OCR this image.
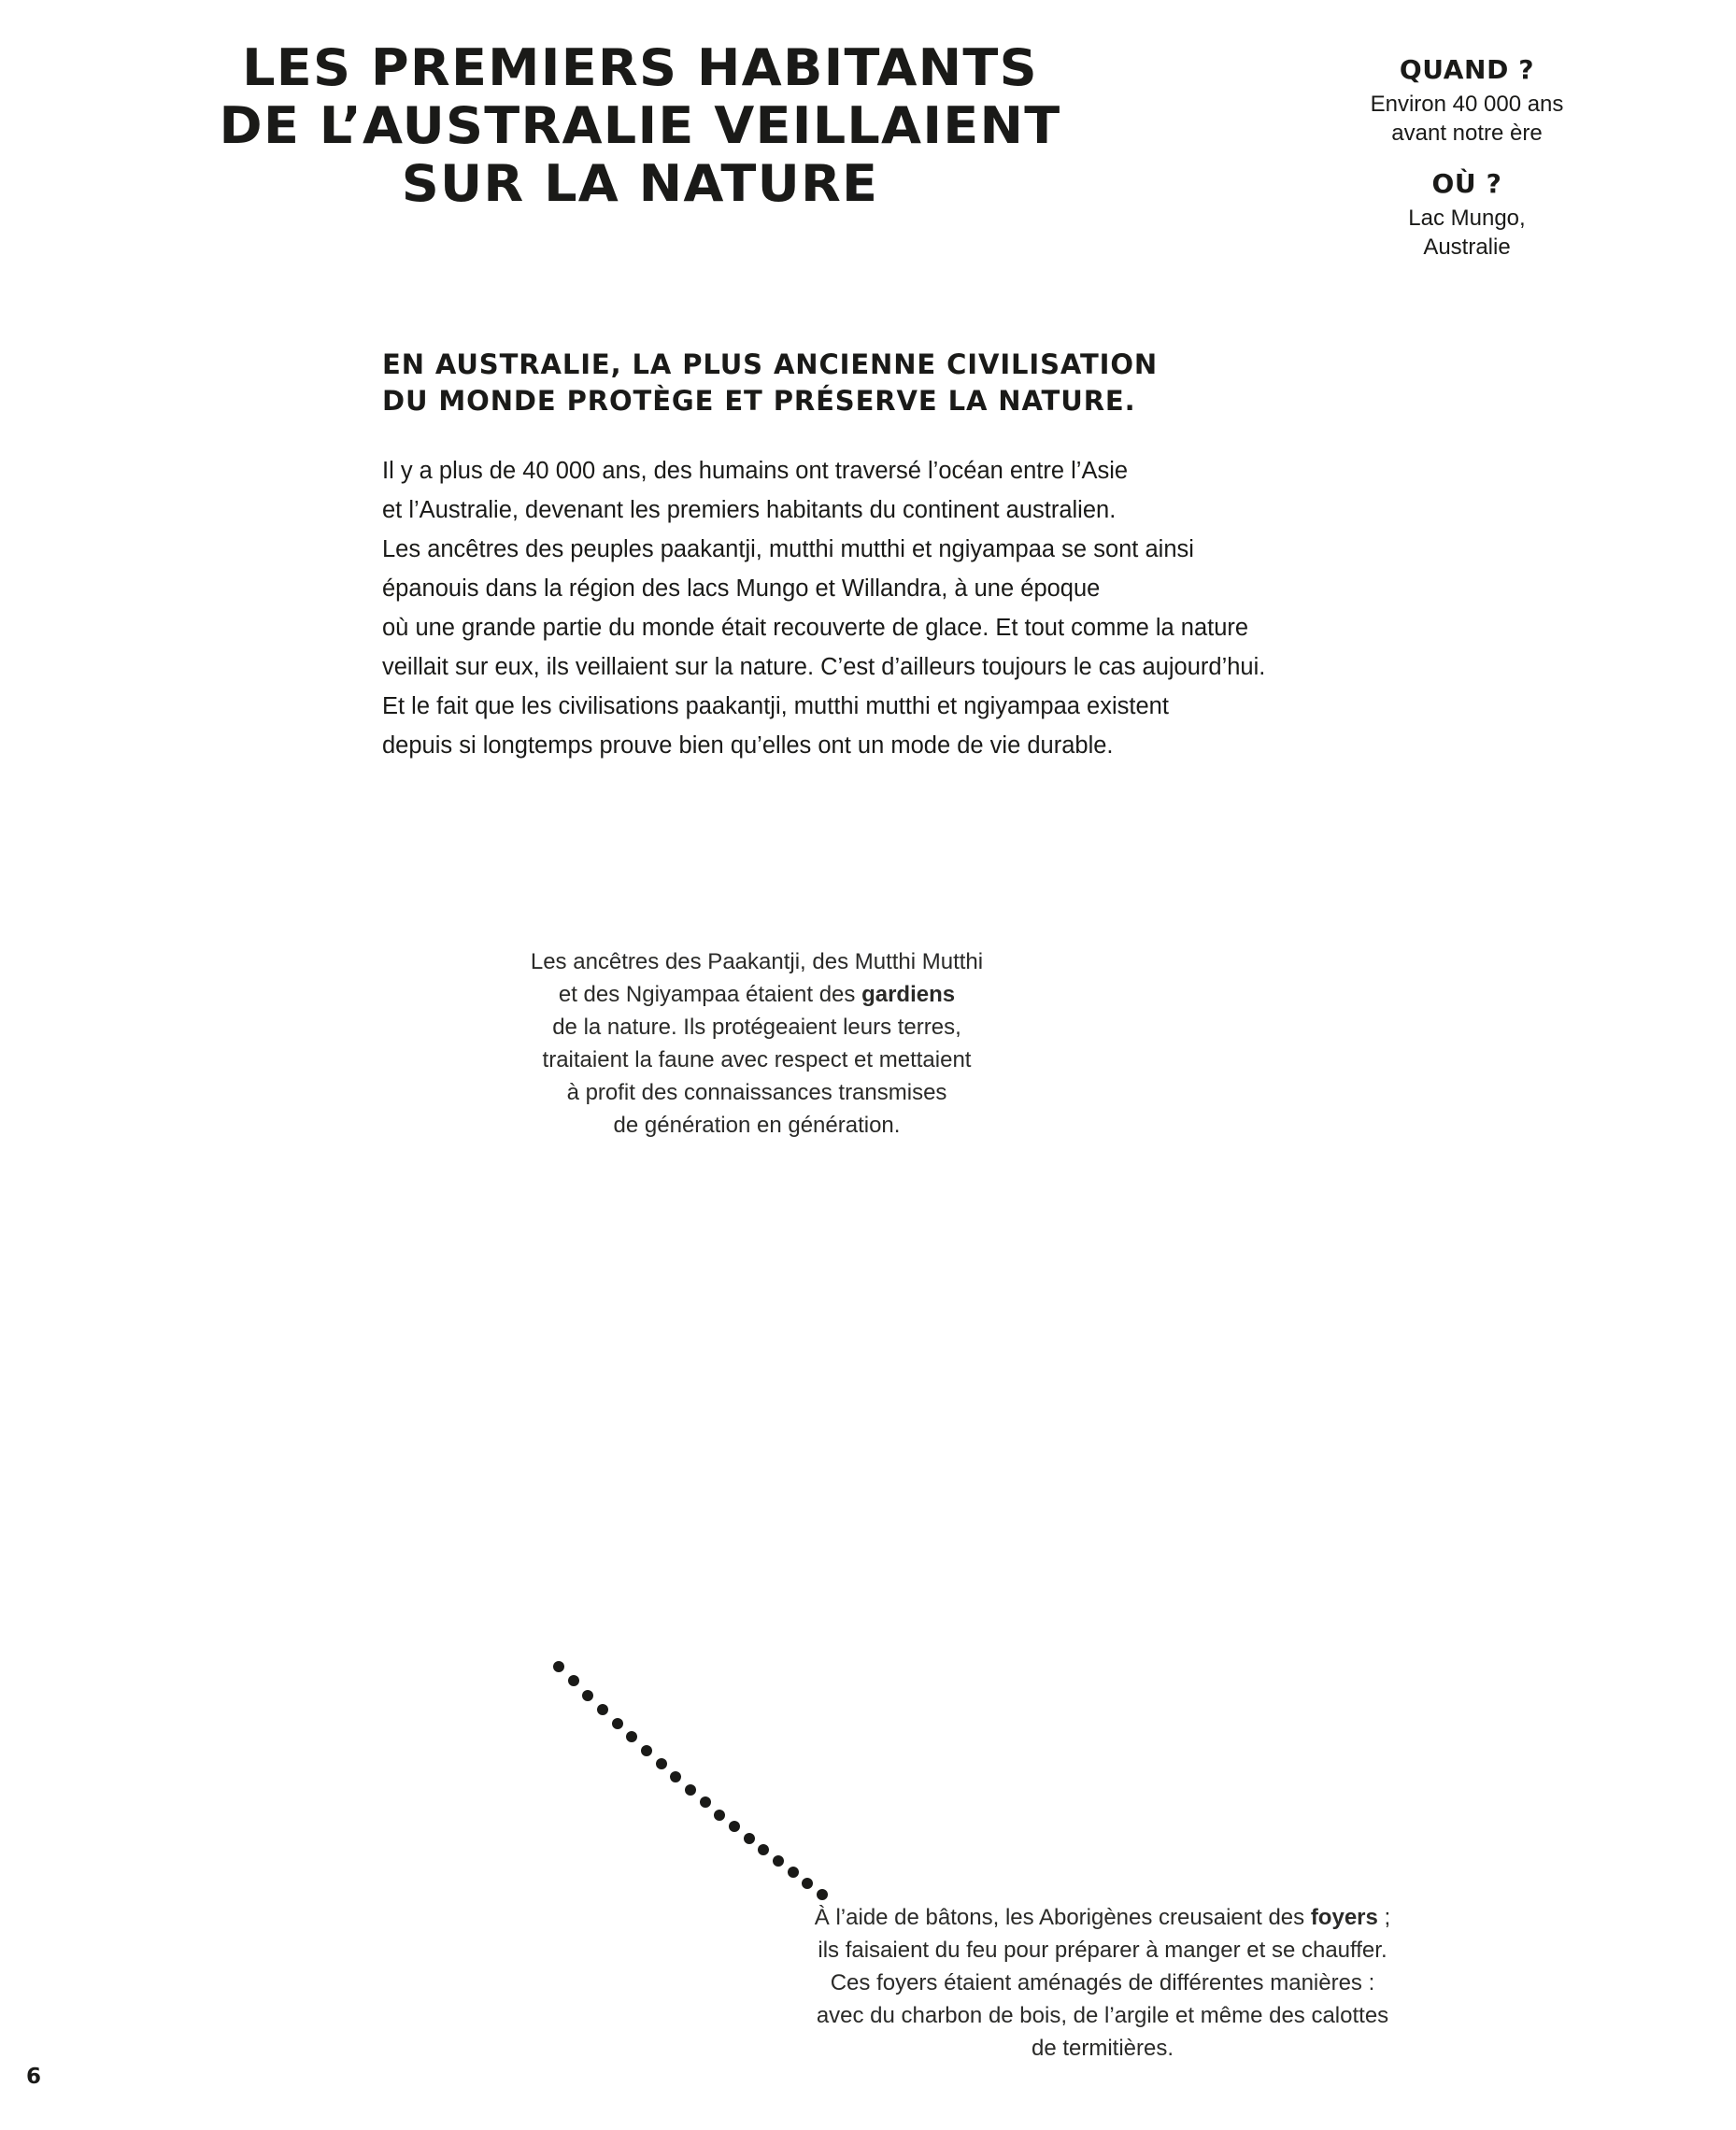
LES PREMIERS HABITANTS
DE L’AUSTRALIE VEILLAIENT
SUR LA NATURE
QUAND ?
Environ 40 000 ans
avant notre ère
OÙ ?
Lac Mungo,
Australie
EN AUSTRALIE, LA PLUS ANCIENNE CIVILISATION
DU MONDE PROTÈGE ET PRÉSERVE LA NATURE.
Il y a plus de 40 000 ans, des humains ont traversé l’océan entre l’Asie
et l’Australie, devenant les premiers habitants du continent australien.
Les ancêtres des peuples paakantji, mutthi mutthi et ngiyampaa se sont ainsi
épanouis dans la région des lacs Mungo et Willandra, à une époque
où une grande partie du monde était recouverte de glace. Et tout comme la nature
veillait sur eux, ils veillaient sur la nature. C’est d’ailleurs toujours le cas aujourd’hui.
Et le fait que les civilisations paakantji, mutthi mutthi et ngiyampaa existent
depuis si longtemps prouve bien qu’elles ont un mode de vie durable.
Les ancêtres des Paakantji, des Mutthi Mutthi
et des Ngiyampaa étaient des gardiens
de la nature. Ils protégeaient leurs terres,
traitaient la faune avec respect et mettaient
à profit des connaissances transmises
de génération en génération.
À l’aide de bâtons, les Aborigènes creusaient des foyers ;
ils faisaient du feu pour préparer à manger et se chauffer.
Ces foyers étaient aménagés de différentes manières :
avec du charbon de bois, de l’argile et même des calottes
de termitières.
6
